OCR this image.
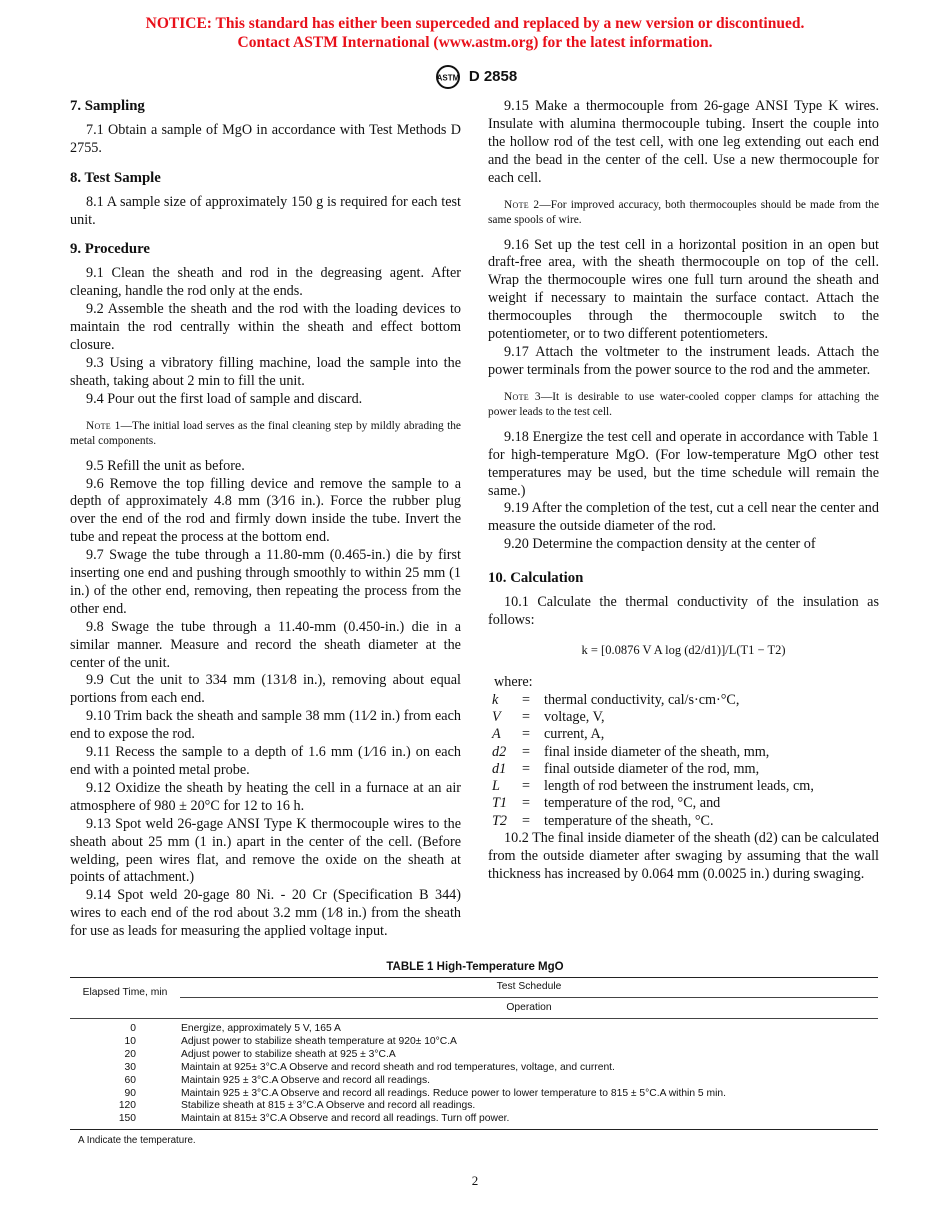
NOTICE: This standard has either been superceded and replaced by a new version or discontinued.
Contact ASTM International (www.astm.org) for the latest information.
ASTM D 2858
7. Sampling

7.1 Obtain a sample of MgO in accordance with Test Methods D 2755.

8. Test Sample

8.1 A sample size of approximately 150 g is required for each test unit.

9. Procedure

9.1 Clean the sheath and rod in the degreasing agent. After cleaning, handle the rod only at the ends.

9.2 Assemble the sheath and the rod with the loading devices to maintain the rod centrally within the sheath and effect bottom closure.

9.3 Using a vibratory filling machine, load the sample into the sheath, taking about 2 min to fill the unit.

9.4 Pour out the first load of sample and discard.

Note 1—The initial load serves as the final cleaning step by mildly abrading the metal components.

9.5 Refill the unit as before.

9.6 Remove the top filling device and remove the sample to a depth of approximately 4.8 mm (3⁄16 in.). Force the rubber plug over the end of the rod and firmly down inside the tube. Invert the tube and repeat the process at the bottom end.

9.7 Swage the tube through a 11.80-mm (0.465-in.) die by first inserting one end and pushing through smoothly to within 25 mm (1 in.) of the other end, removing, then repeating the process from the other end.

9.8 Swage the tube through a 11.40-mm (0.450-in.) die in a similar manner. Measure and record the sheath diameter at the center of the unit.

9.9 Cut the unit to 334 mm (131⁄8 in.), removing about equal portions from each end.

9.10 Trim back the sheath and sample 38 mm (11⁄2 in.) from each end to expose the rod.

9.11 Recess the sample to a depth of 1.6 mm (1⁄16 in.) on each end with a pointed metal probe.

9.12 Oxidize the sheath by heating the cell in a furnace at an air atmosphere of 980 ± 20°C for 12 to 16 h.

9.13 Spot weld 26-gage ANSI Type K thermocouple wires to the sheath about 25 mm (1 in.) apart in the center of the cell. (Before welding, peen wires flat, and remove the oxide on the sheath at points of attachment.)

9.14 Spot weld 20-gage 80 Ni. - 20 Cr (Specification B 344) wires to each end of the rod about 3.2 mm (1⁄8 in.) from the sheath for use as leads for measuring the applied voltage input.

9.15 Make a thermocouple from 26-gage ANSI Type K wires. Insulate with alumina thermocouple tubing. Insert the couple into the hollow rod of the test cell, with one leg extending out each end and the bead in the center of the cell. Use a new thermocouple for each cell.

Note 2—For improved accuracy, both thermocouples should be made from the same spools of wire.

9.16 Set up the test cell in a horizontal position in an open but draft-free area, with the sheath thermocouple on top of the cell. Wrap the thermocouple wires one full turn around the sheath and weight if necessary to maintain the surface contact. Attach the thermocouples through the thermocouple switch to the potentiometer, or to two different potentiometers.

9.17 Attach the voltmeter to the instrument leads. Attach the power terminals from the power source to the rod and the ammeter.

Note 3—It is desirable to use water-cooled copper clamps for attaching the power leads to the test cell.

9.18 Energize the test cell and operate in accordance with Table 1 for high-temperature MgO. (For low-temperature MgO other test temperatures may be used, but the time schedule will remain the same.)

9.19 After the completion of the test, cut a cell near the center and measure the outside diameter of the rod.

9.20 Determine the compaction density at the center of

10. Calculation

10.1 Calculate the thermal conductivity of the insulation as follows:

k = [0.0876 V A log (d2/d1)]/L(T1 − T2)

where:

k	=	thermal conductivity, cal/s·cm·°C,
V	=	voltage, V,
A	=	current, A,
d2	=	final inside diameter of the sheath, mm,
d1	=	final outside diameter of the rod, mm,
L	=	length of rod between the instrument leads, cm,
T1	=	temperature of the rod, °C, and
T2	=	temperature of the sheath, °C.

10.2 The final inside diameter of the sheath (d2) can be calculated from the outside diameter after swaging by assuming that the wall thickness has increased by 0.064 mm (0.0025 in.) during swaging.

TABLE 1 High-Temperature MgO
Elapsed Time, min
Test Schedule
Operation
0	Energize, approximately 5 V, 165 A
10	Adjust power to stabilize sheath temperature at 920± 10°C.A
20	Adjust power to stabilize sheath at 925 ± 3°C.A
30	Maintain at 925± 3°C.A Observe and record sheath and rod temperatures, voltage, and current.
60	Maintain 925 ± 3°C.A Observe and record all readings.
90	Maintain 925 ± 3°C.A Observe and record all readings. Reduce power to lower temperature to 815 ± 5°C.A within 5 min.
120	Stabilize sheath at 815 ± 3°C.A Observe and record all readings.
150	Maintain at 815± 3°C.A Observe and record all readings. Turn off power.
A Indicate the temperature.
2
